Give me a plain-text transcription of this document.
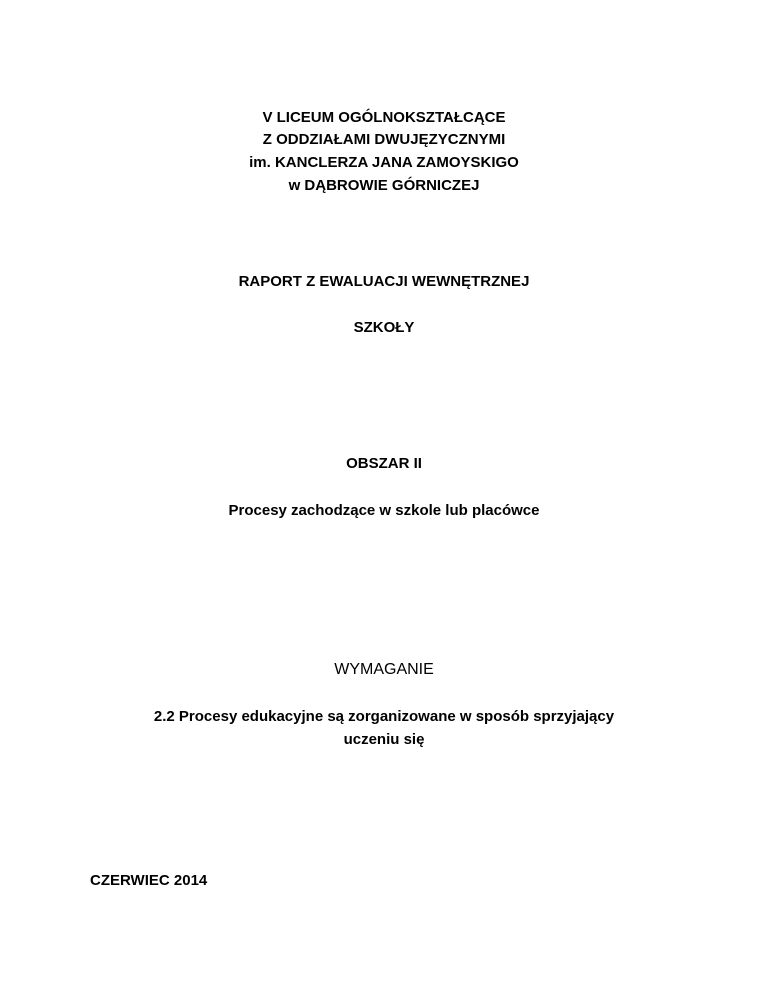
V LICEUM OGÓLNOKSZTAŁCĄCE
Z ODDZIAŁAMI DWUJĘZYCZNYMI
im. KANCLERZA JANA ZAMOYSKIGO
w DĄBROWIE GÓRNICZEJ
RAPORT Z EWALUACJI WEWNĘTRZNEJ
SZKOŁY
OBSZAR II
Procesy zachodzące w szkole lub placówce
WYMAGANIE
2.2 Procesy edukacyjne są zorganizowane w sposób sprzyjający
uczeniu się
CZERWIEC 2014
